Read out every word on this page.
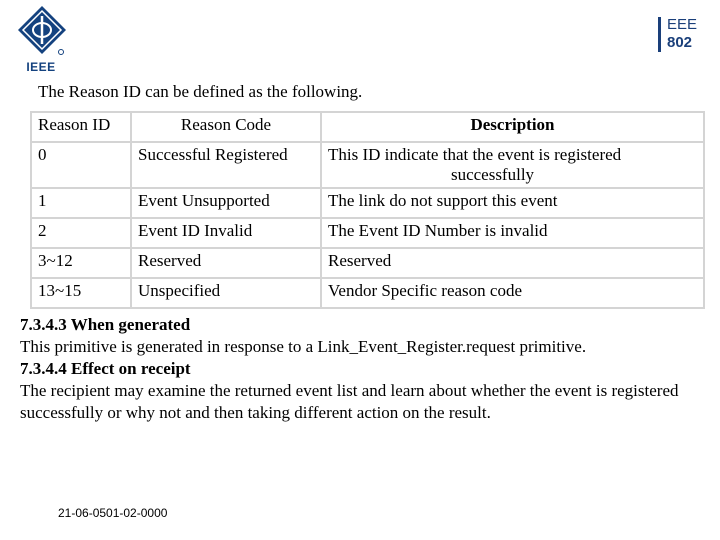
IEEE
EEE
802
The Reason ID can be defined as the following.
Reason ID	Reason Code	Description
0	Successful Registered	This ID indicate that the event is registered
successfully

1	Event Unsupported	The link do not support this event
2	Event ID Invalid	The Event ID Number is invalid
3~12	Reserved	Reserved
13~15	Unspecified	Vendor Specific reason code
7.3.4.3 When generated
This primitive is generated in response to a Link_Event_Register.request primitive.
7.3.4.4 Effect on receipt
The recipient may examine the returned event list and learn about whether the event is registered successfully or why not and then taking different action on the result.
21-06-0501-02-0000
